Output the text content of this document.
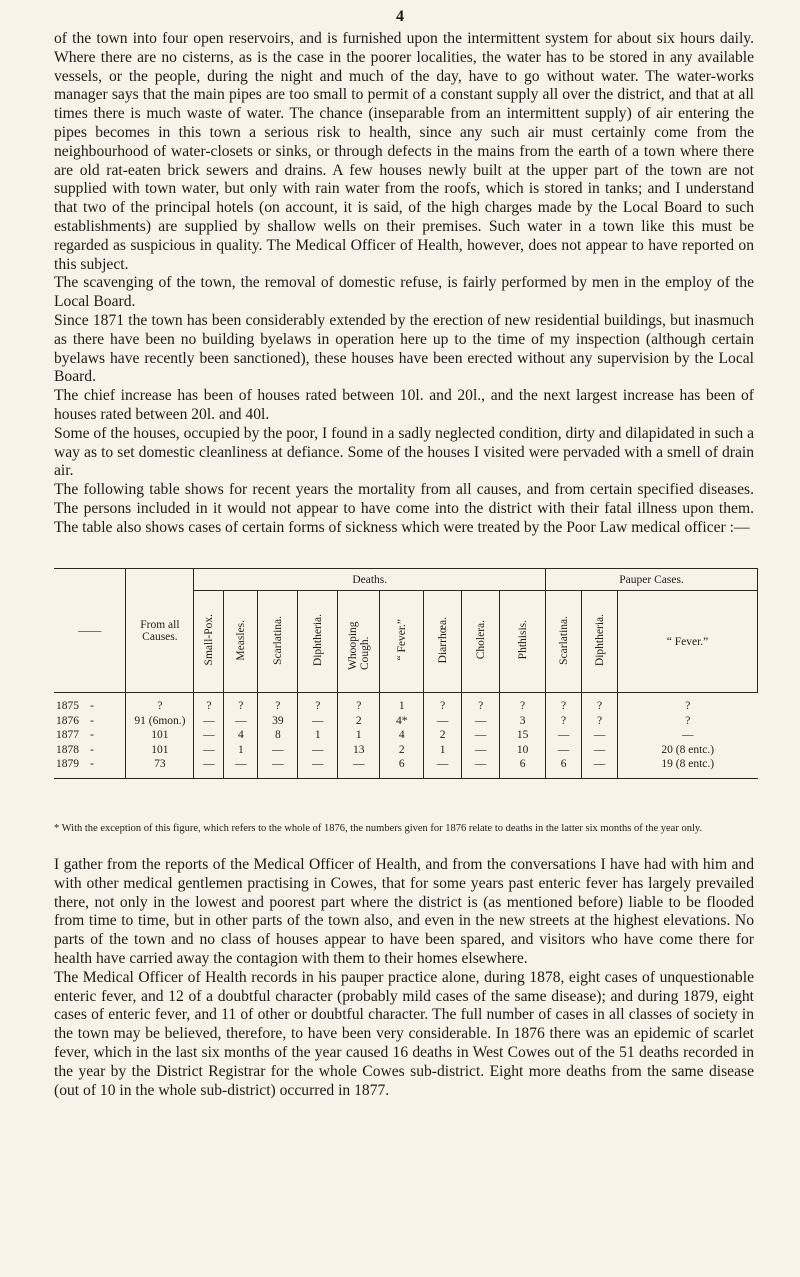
4

of the town into four open reservoirs, and is furnished upon the intermittent system for about six hours daily. Where there are no cisterns, as is the case in the poorer localities, the water has to be stored in any available vessels, or the people, during the night and much of the day, have to go without water. The water-works manager says that the main pipes are too small to permit of a constant supply all over the district, and that at all times there is much waste of water. The chance (inseparable from an intermittent supply) of air entering the pipes becomes in this town a serious risk to health, since any such air must certainly come from the neighbourhood of water-closets or sinks, or through defects in the mains from the earth of a town where there are old rat-eaten brick sewers and drains. A few houses newly built at the upper part of the town are not supplied with town water, but only with rain water from the roofs, which is stored in tanks; and I understand that two of the principal hotels (on account, it is said, of the high charges made by the Local Board to such establishments) are supplied by shallow wells on their premises. Such water in a town like this must be regarded as suspicious in quality. The Medical Officer of Health, however, does not appear to have reported on this subject.

The scavenging of the town, the removal of domestic refuse, is fairly performed by men in the employ of the Local Board.

Since 1871 the town has been considerably extended by the erection of new residential buildings, but inasmuch as there have been no building byelaws in operation here up to the time of my inspection (although certain byelaws have recently been sanctioned), these houses have been erected without any supervision by the Local Board.

The chief increase has been of houses rated between 10l. and 20l., and the next largest increase has been of houses rated between 20l. and 40l.

Some of the houses, occupied by the poor, I found in a sadly neglected condition, dirty and dilapidated in such a way as to set domestic cleanliness at defiance. Some of the houses I visited were pervaded with a smell of drain air.

The following table shows for recent years the mortality from all causes, and from certain specified diseases. The persons included in it would not appear to have come into the district with their fatal illness upon them. The table also shows cases of certain forms of sickness which were treated by the Poor Law medical officer :—

——	From all Causes.	Deaths.									Pauper Cases.		
		Small-Pox.	Measles.	Scarlatina.	Diphtheria.	Whooping Cough.	“ Fever.”	Diarrhœa.	Cholera.	Phthisis.	Scarlatina.	Diphtheria.	“ Fever.”
1875 -	?	?	?	?	?	?	1	?	?	?	?	?	?
1876 -	91 (6mon.)	—	—	39	—	2	4*	—	—	3	?	?	?
1877 -	101	—	4	8	1	1	4	2	—	15	—	—	—
1878 -	101	—	1	—	—	13	2	1	—	10	—	—	20 (8 entc.)
1879 -	73	—	—	—	—	—	6	—	—	6	6	—	19 (8 entc.)
* With the exception of this figure, which refers to the whole of 1876, the numbers given for 1876 relate to deaths in the latter six months of the year only.

I gather from the reports of the Medical Officer of Health, and from the conversations I have had with him and with other medical gentlemen practising in Cowes, that for some years past enteric fever has largely prevailed there, not only in the lowest and poorest part where the district is (as mentioned before) liable to be flooded from time to time, but in other parts of the town also, and even in the new streets at the highest elevations. No parts of the town and no class of houses appear to have been spared, and visitors who have come there for health have carried away the contagion with them to their homes elsewhere.

The Medical Officer of Health records in his pauper practice alone, during 1878, eight cases of unquestionable enteric fever, and 12 of a doubtful character (probably mild cases of the same disease); and during 1879, eight cases of enteric fever, and 11 of other or doubtful character. The full number of cases in all classes of society in the town may be believed, therefore, to have been very considerable. In 1876 there was an epidemic of scarlet fever, which in the last six months of the year caused 16 deaths in West Cowes out of the 51 deaths recorded in the year by the District Registrar for the whole Cowes sub-district. Eight more deaths from the same disease (out of 10 in the whole sub-district) occurred in 1877.
